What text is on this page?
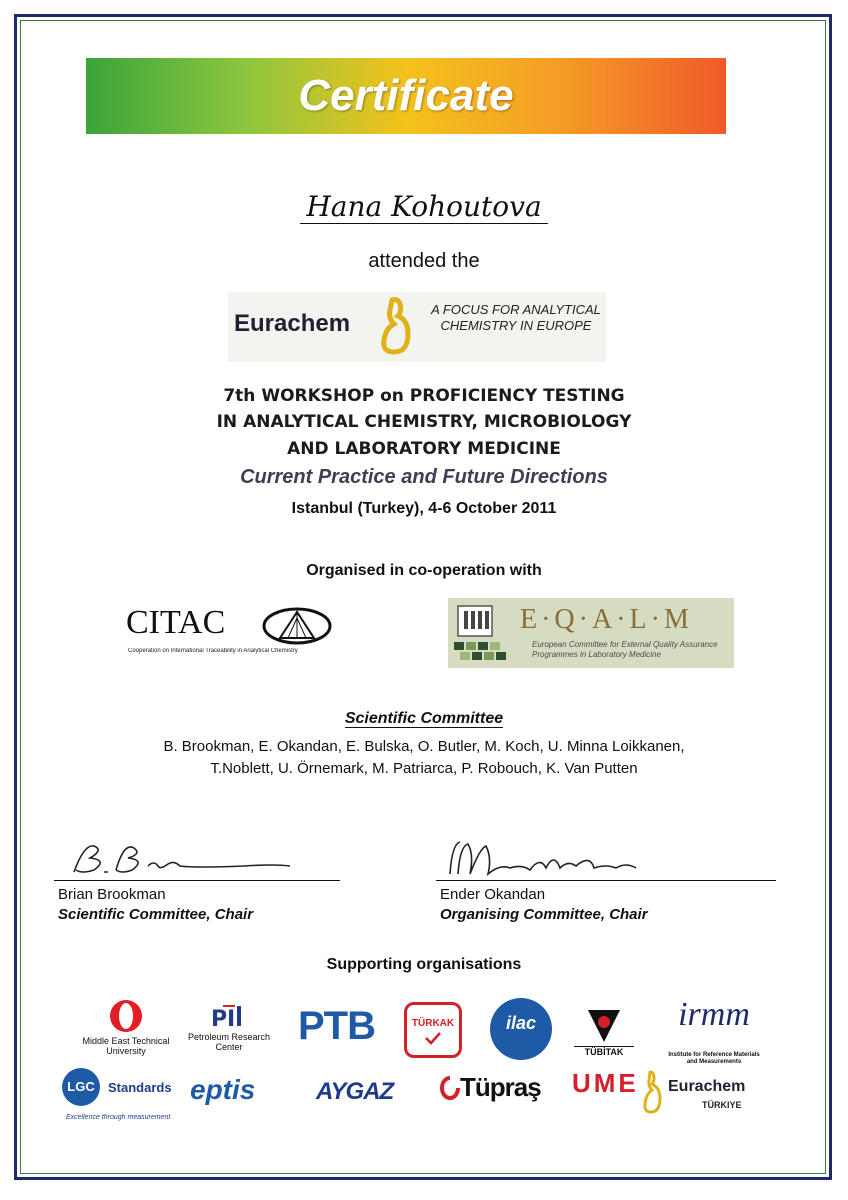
Certificate
Hana Kohoutova
attended the
Eurachem
A FOCUS FOR ANALYTICAL CHEMISTRY IN EUROPE
7th WORKSHOP on PROFICIENCY TESTING
IN ANALYTICAL CHEMISTRY, MICROBIOLOGY
AND LABORATORY MEDICINE
Current Practice and Future Directions
Istanbul (Turkey), 4-6 October 2011
Organised in co-operation with
CITAC
Cooperation on International Traceability in Analytical Chemistry
E·Q·A·L·M
European Committee for External Quality Assurance Programmes in Laboratory Medicine
Scientific Committee
B. Brookman, E. Okandan, E. Bulska, O. Butler, M. Koch, U. Minna Loikkanen,
T.Noblett, U. Örnemark, M. Patriarca, P. Robouch, K. Van Putten
Brian Brookman
Scientific Committee, Chair
Ender Okandan
Organising Committee, Chair
Supporting organisations
Middle East Technical University
P I
Petroleum Research Center	PTB	TÜRKAK	ilac
TÜBİTAK
irmm
Institute for Reference Materials and Measurements
LGC	Standards
Excellence through measurement
eptis	AYGAZ	Tüpraş UME Eurachem
TÜRKIYE
